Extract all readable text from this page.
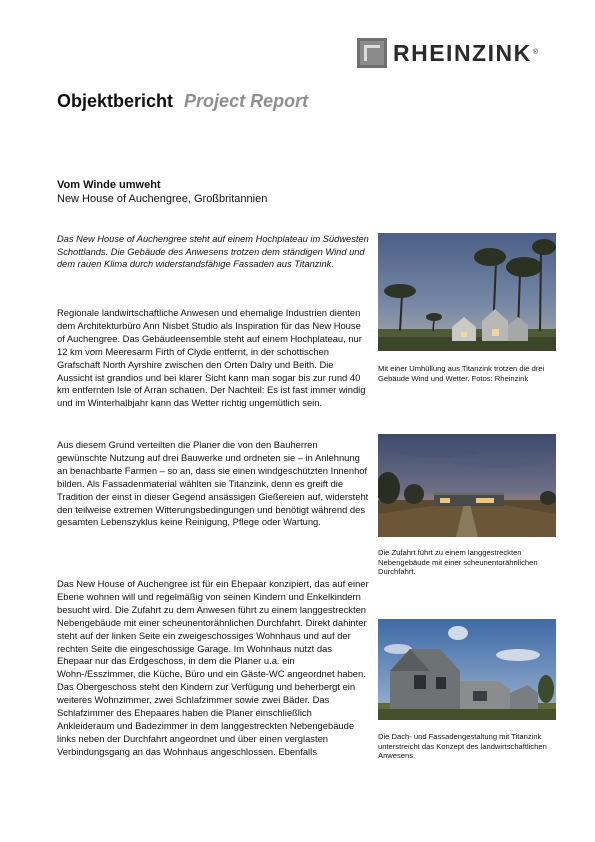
RHEINZINK ®
Objektbericht Project Report
Vom Winde umweht
New House of Auchengree, Großbritannien
Das New House of Auchengree steht auf einem Hochplateau im Südwesten Schottlands. Die Gebäude des Anwesens trotzen dem ständigen Wind und dem rauen Klima durch widerstandsfähige Fassaden aus Titanzink.

Regionale landwirtschaftliche Anwesen und ehemalige Industrien dienten dem Architekturbüro Ann Nisbet Studio als Inspiration für das New House of Auchengree. Das Gebäudeensemble steht auf einem Hochplateau, nur 12 km vom Meeresarm Firth of Clyde entfernt, in der schottischen Grafschaft North Ayrshire zwischen den Orten Dalry und Beith. Die Aussicht ist grandios und bei klarer Sicht kann man sogar bis zur rund 40 km entfernten Isle of Arran schauen. Der Nachteil: Es ist fast immer windig und im Winterhalbjahr kann das Wetter richtig ungemütlich sein.

Aus diesem Grund verteilten die Planer die von den Bauherren gewünschte Nutzung auf drei Bauwerke und ordneten sie – in Anlehnung an benachbarte Farmen – so an, dass sie einen windgeschützten Innenhof bilden. Als Fassadenmaterial wählten sie Titanzink, denn es greift die Tradition der einst in dieser Gegend ansässigen Gießereien auf, widersteht den teilweise extremen Witterungsbedingungen und benötigt während des gesamten Lebenszyklus keine Reinigung, Pflege oder Wartung.

Das New House of Auchengree ist für ein Ehepaar konzipiert, das auf einer Ebene wohnen will und regelmäßig von seinen Kindern und Enkelkindern besucht wird. Die Zufahrt zu dem Anwesen führt zu einem langgestreckten Nebengebäude mit einer scheunentorähnlichen Durchfahrt. Direkt dahinter steht auf der linken Seite ein zweigeschossiges Wohnhaus und auf der rechten Seite die eingeschossige Garage. Im Wohnhaus nutzt das Ehepaar nur das Erdgeschoss, in dem die Planer u.a. ein Wohn-/Esszimmer, die Küche, Büro und ein Gäste-WC angeordnet haben. Das Obergeschoss steht den Kindern zur Verfügung und beherbergt ein weiteres Wohnzimmer, zwei Schlafzimmer sowie zwei Bäder. Das Schlafzimmer des Ehepaares haben die Planer einschließlich Ankleideraum und Badezimmer in dem langgestreckten Nebengebäude links neben der Durchfahrt angeordnet und über einen verglasten Verbindungsgang an das Wohnhaus angeschlossen. Ebenfalls

Mit einer Umhüllung aus Titanzink trotzen die drei Gebäude Wind und Wetter. Fotos: Rheinzink
Die Zufahrt führt zu einem langgestreckten Nebengebäude mit einer scheunentorähnlichen Durchfahrt.
Die Dach- und Fassadengestaltung mit Titanzink unterstreicht das Konzept des landwirtschaftlichen Anwesens.
